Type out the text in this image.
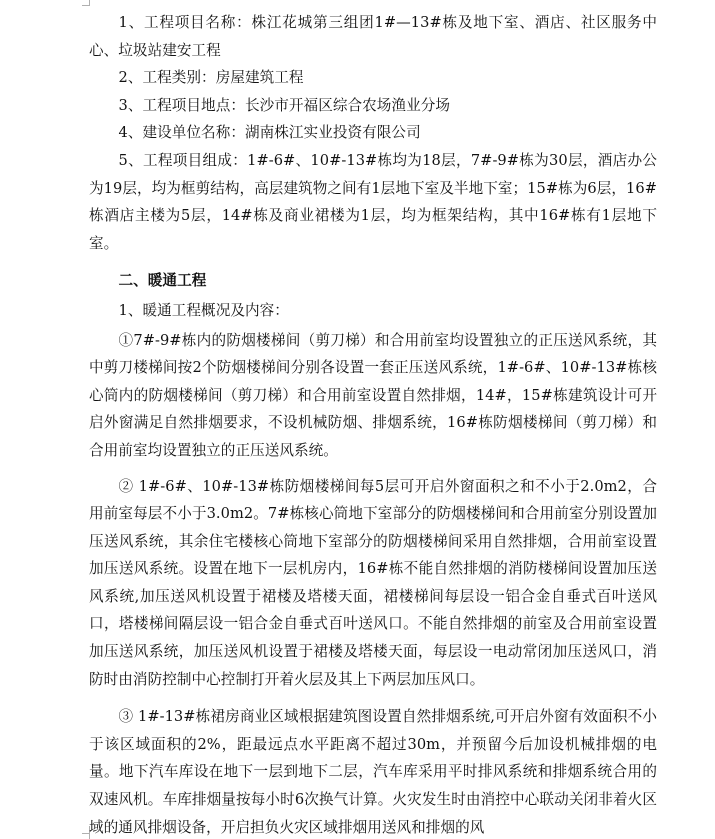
1、工程项目名称：株江花城第三组团1#—13#栋及地下室、酒店、社区服务中心、垃圾站建安工程

2、工程类别：房屋建筑工程

3、工程项目地点：长沙市开福区综合农场渔业分场

4、建设单位名称：湖南株江实业投资有限公司

5、工程项目组成：1#-6#、10#-13#栋均为18层，7#-9#栋为30层，酒店办公为19层，均为框剪结构，高层建筑物之间有1层地下室及半地下室；15#栋为6层，16#栋酒店主楼为5层，14#栋及商业裙楼为1层，均为框架结构，其中16#栋有1层地下室。

二、暖通工程

1、暖通工程概况及内容：

①7#-9#栋内的防烟楼梯间（剪刀梯）和合用前室均设置独立的正压送风系统，其中剪刀楼梯间按2个防烟楼梯间分别各设置一套正压送风系统，1#-6#、10#-13#栋核心筒内的防烟楼梯间（剪刀梯）和合用前室设置自然排烟，14#，15#栋建筑设计可开启外窗满足自然排烟要求，不设机械防烟、排烟系统，16#栋防烟楼梯间（剪刀梯）和合用前室均设置独立的正压送风系统。

② 1#-6#、10#-13#栋防烟楼梯间每5层可开启外窗面积之和不小于2.0m2，合用前室每层不小于3.0m2。7#栋核心筒地下室部分的防烟楼梯间和合用前室分别设置加压送风系统，其余住宅楼核心筒地下室部分的防烟楼梯间采用自然排烟，合用前室设置加压送风系统。设置在地下一层机房内，16#栋不能自然排烟的消防楼梯间设置加压送风系统,加压送风机设置于裙楼及塔楼天面，裙楼梯间每层设一铝合金自垂式百叶送风口，塔楼梯间隔层设一铝合金自垂式百叶送风口。不能自然排烟的前室及合用前室设置加压送风系统，加压送风机设置于裙楼及塔楼天面，每层设一电动常闭加压送风口，消防时由消防控制中心控制打开着火层及其上下两层加压风口。

③ 1#-13#栋裙房商业区域根据建筑图设置自然排烟系统,可开启外窗有效面积不小于该区域面积的2%，距最远点水平距离不超过30m，并预留今后加设机械排烟的电量。地下汽车库设在地下一层到地下二层，汽车库采用平时排风系统和排烟系统合用的双速风机。车库排烟量按每小时6次换气计算。火灾发生时由消控中心联动关闭非着火区域的通风排烟设备，开启担负火灾区域排烟用送风和排烟的风
